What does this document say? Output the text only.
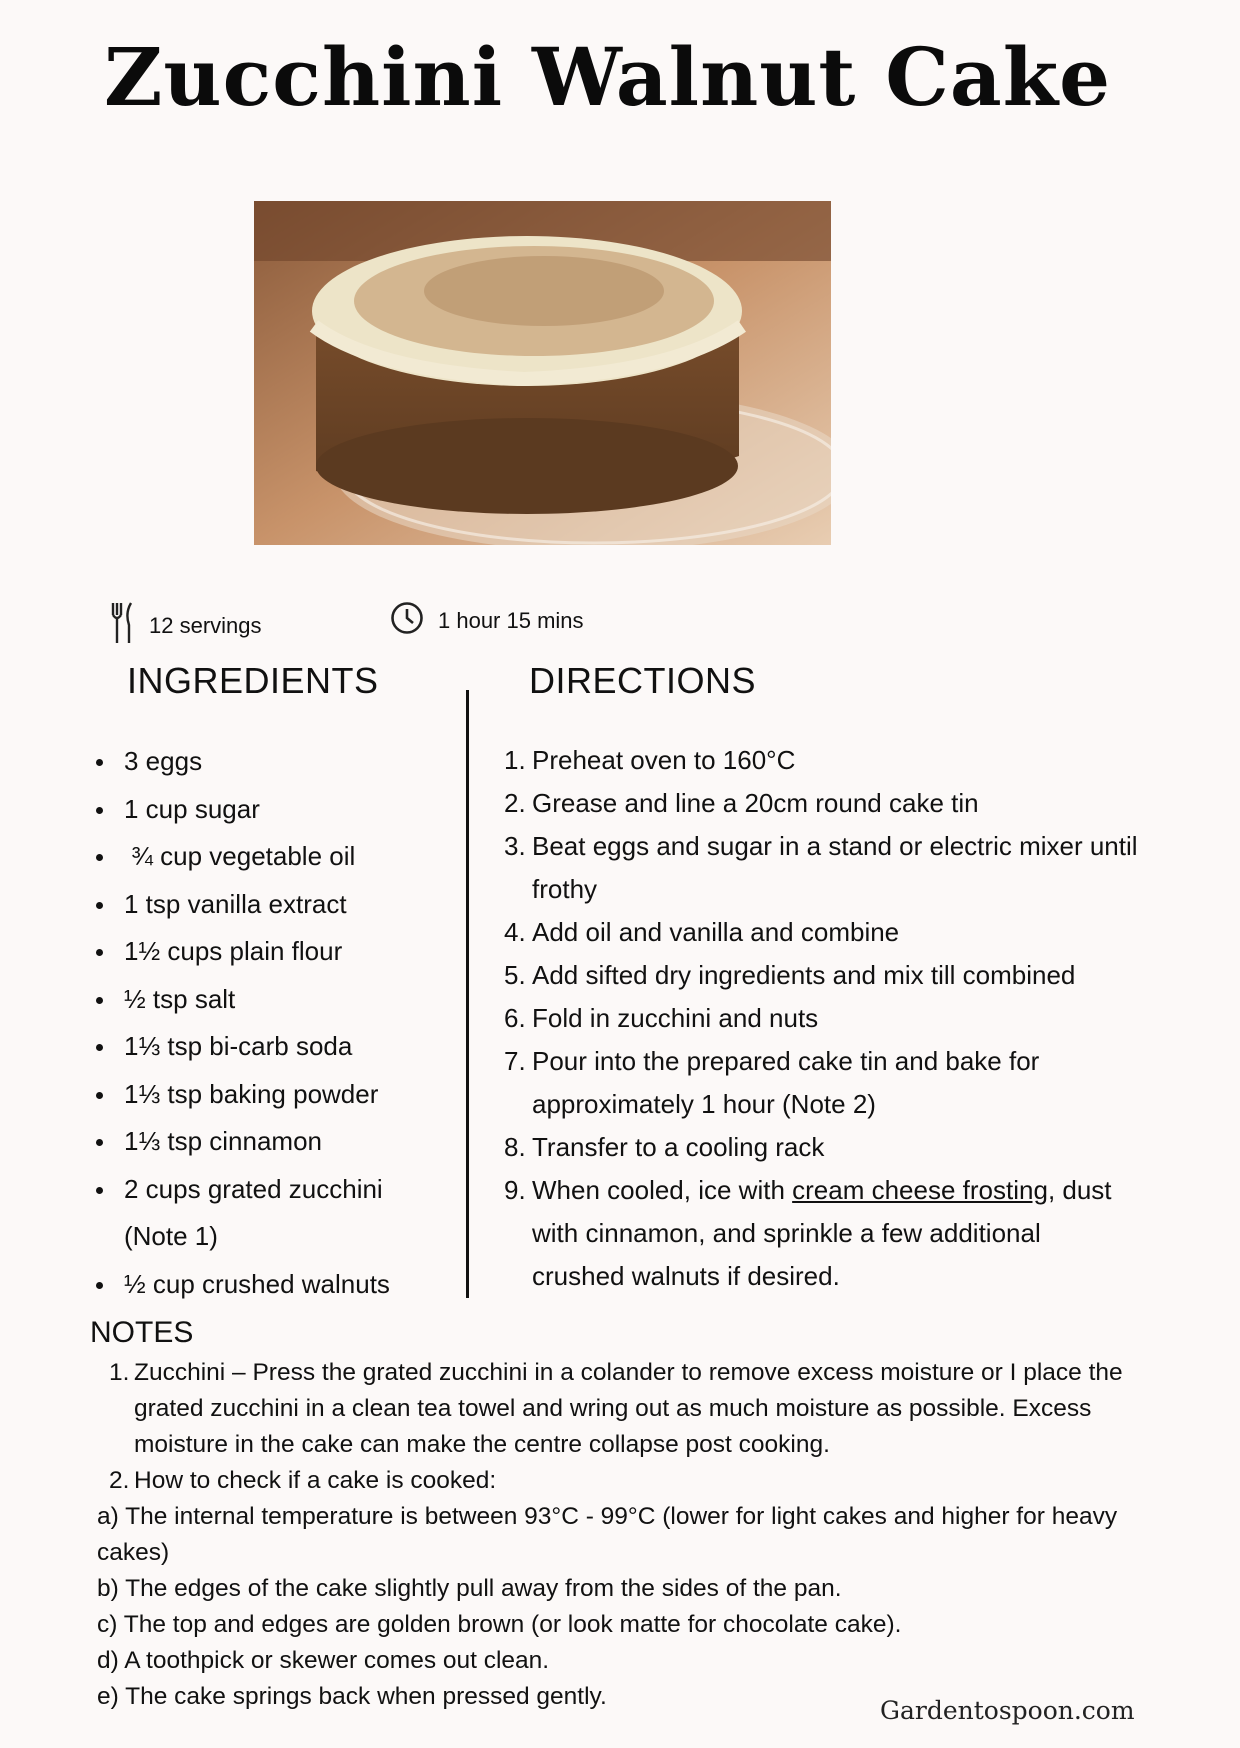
Zucchini Walnut Cake
12 servings	1 hour 15 mins
INGREDIENTS	DIRECTIONS
3 eggs
1 cup sugar
¾ cup vegetable oil
1 tsp vanilla extract
1½ cups plain flour
½ tsp salt
1⅓ tsp bi-carb soda
1⅓ tsp baking powder
1⅓ tsp cinnamon
2 cups grated zucchini (Note 1)
½ cup crushed walnuts
1. Preheat oven to 160°C
2. Grease and line a 20cm round cake tin
3. Beat eggs and sugar in a stand or electric mixer until frothy
4. Add oil and vanilla and combine
5. Add sifted dry ingredients and mix till combined
6. Fold in zucchini and nuts
7. Pour into the prepared cake tin and bake for approximately 1 hour (Note 2)
8. Transfer to a cooling rack
9. When cooled, ice with cream cheese frosting, dust with cinnamon, and sprinkle a few additional crushed walnuts if desired.
NOTES
1. Zucchini – Press the grated zucchini in a colander to remove excess moisture or I place the grated zucchini in a clean tea towel and wring out as much moisture as possible. Excess moisture in the cake can make the centre collapse post cooking.
2. How to check if a cake is cooked:
a) The internal temperature is between 93°C - 99°C (lower for light cakes and higher for heavy cakes)
b) The edges of the cake slightly pull away from the sides of the pan.
c) The top and edges are golden brown (or look matte for chocolate cake).
d) A toothpick or skewer comes out clean.
e) The cake springs back when pressed gently.	Gardentospoon.com
